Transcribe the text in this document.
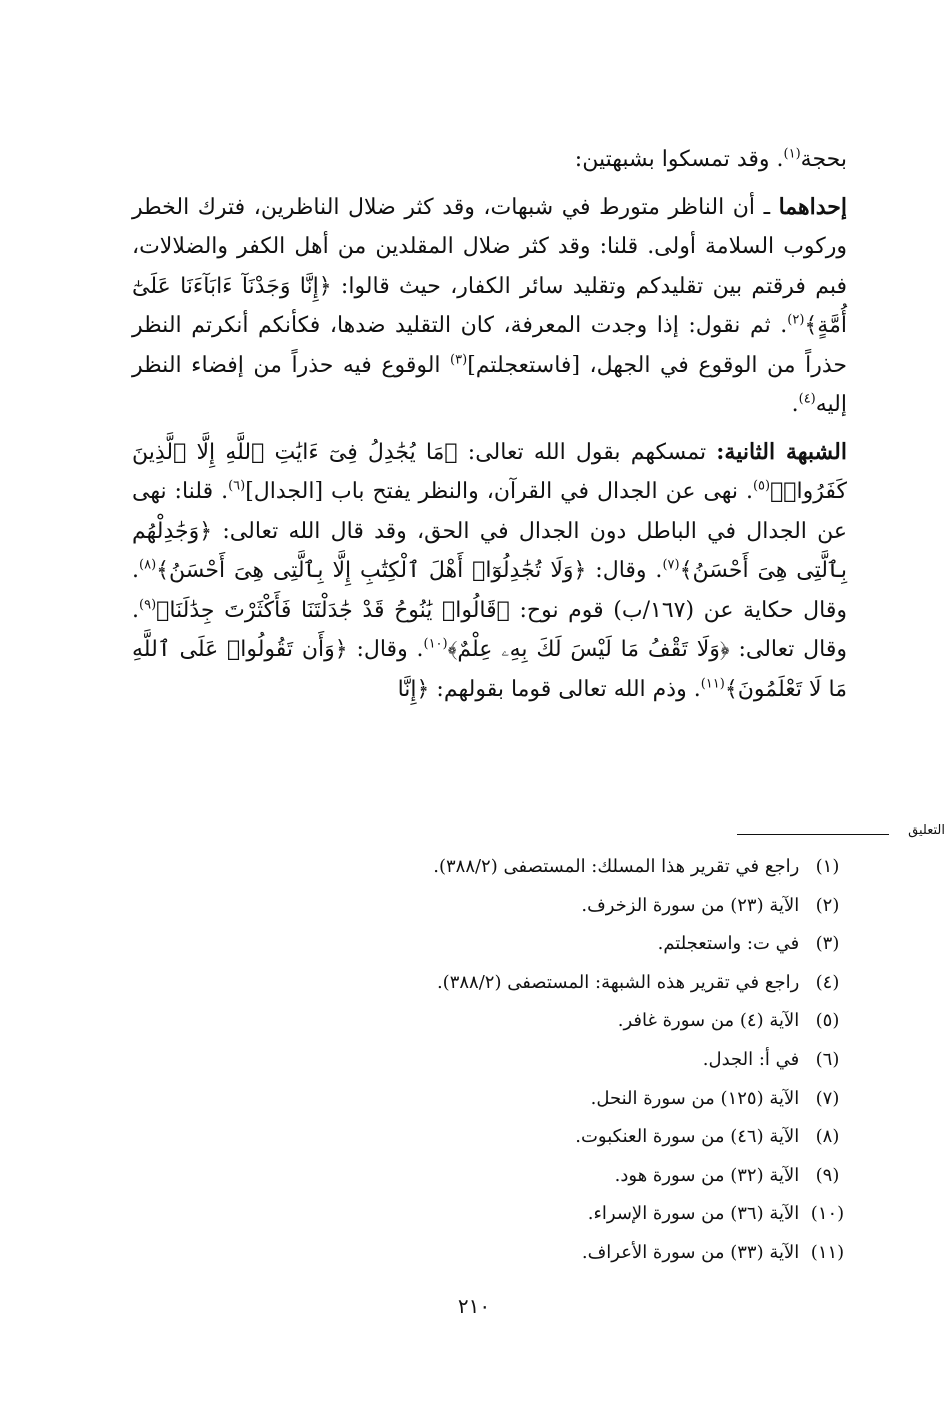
بحجة$^{(١)}$. وقد تمسكوا بشبهتين:

إحداهما ـ أن الناظر متورط في شبهات، وقد كثر ضلال الناظرين، فترك الخطر وركوب السلامة أولى. قلنا: وقد كثر ضلال المقلدين من أهل الكفر والضلالات، فبم فرقتم بين تقليدكم وتقليد سائر الكفار، حيث قالوا: ﴿إِنَّا وَجَدْنَآ ءَابَآءَنَا عَلَىٰٓ أُمَّةٍ﴾$^{(٢)}$. ثم نقول: إذا وجدت المعرفة، كان التقليد ضدها، فكأنكم أنكرتم النظر حذراً من الوقوع في الجهل، [فاستعجلتم]$^{(٣)}$ الوقوع فيه حذراً من إفضاء النظر إليه$^{(٤)}$.

الشبهة الثانية: تمسكهم بقول الله تعالى: ﴿مَا يُجَٰدِلُ فِىٓ ءَايَٰتِ ٱللَّهِ إِلَّا ٱلَّذِينَ كَفَرُوا۟﴾$^{(٥)}$. نهى عن الجدال في القرآن، والنظر يفتح باب [الجدال]$^{(٦)}$. قلنا: نهى عن الجدال في الباطل دون الجدال في الحق، وقد قال الله تعالى: ﴿وَجَٰدِلْهُم بِٱلَّتِى هِىَ أَحْسَنُ﴾$^{(٧)}$. وقال: ﴿وَلَا تُجَٰدِلُوٓا۟ أَهْلَ ٱلْكِتَٰبِ إِلَّا بِٱلَّتِى هِىَ أَحْسَنُ﴾$^{(٨)}$. وقال حكاية عن (١٦٧/ب) قوم نوح: ﴿قَالُوا۟ يَٰنُوحُ قَدْ جَٰدَلْتَنَا فَأَكْثَرْتَ جِدَٰلَنَا﴾$^{(٩)}$. وقال تعالى: ﴿وَلَا تَقْفُ مَا لَيْسَ لَكَ بِهِۦ عِلْمٌ﴾$^{(١٠)}$. وقال: ﴿وَأَن تَقُولُوا۟ عَلَى ٱللَّهِ مَا لَا تَعْلَمُونَ﴾$^{(١١)}$. وذم الله تعالى قوما بقولهم: ﴿إِنَّا

التعليق
(١) راجع في تقرير هذا المسلك: المستصفى (٣٨٨/٢).
(٢) الآية (٢٣) من سورة الزخرف.
(٣) في ت: واستعجلتم.
(٤) راجع في تقرير هذه الشبهة: المستصفى (٣٨٨/٢).
(٥) الآية (٤) من سورة غافر.
(٦) في أ: الجدل.
(٧) الآية (١٢٥) من سورة النحل.
(٨) الآية (٤٦) من سورة العنكبوت.
(٩) الآية (٣٢) من سورة هود.
(١٠) الآية (٣٦) من سورة الإسراء.
(١١) الآية (٣٣) من سورة الأعراف.
٢١٠
